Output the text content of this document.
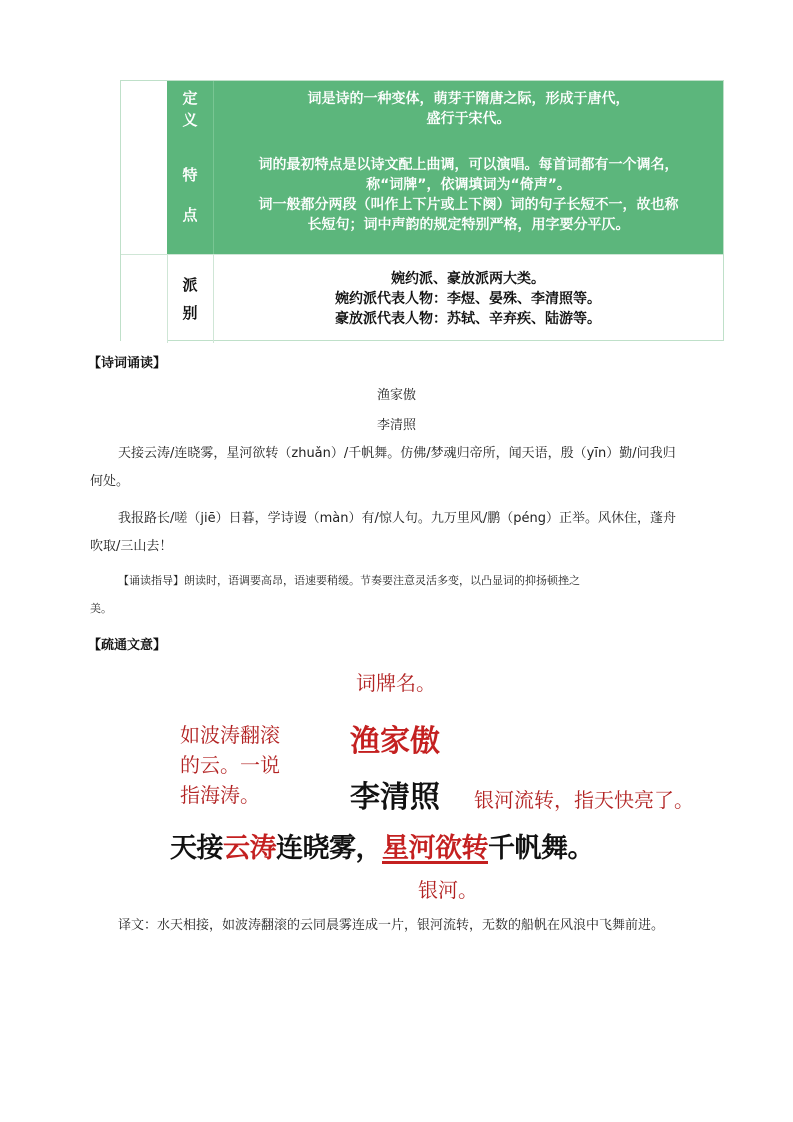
定
义
词是诗的一种变体，萌芽于隋唐之际，形成于唐代，
盛行于宋代。
特
点
词的最初特点是以诗文配上曲调，可以演唱。每首词都有一个调名，
称“词牌”，依调填词为“倚声”。
词一般都分两段（叫作上下片或上下阕）词的句子长短不一，故也称
长短句；词中声韵的规定特别严格，用字要分平仄。
派
别
婉约派、豪放派两大类。
婉约派代表人物：李煜、晏殊、李清照等。
豪放派代表人物：苏轼、辛弃疾、陆游等。
【诗词诵读】
渔家傲
李清照
天接云涛/连晓雾，星河欲转（zhuǎn）/千帆舞。仿佛/梦魂归帝所，闻天语，殷（yīn）勤/问我归
何处。
我报路长/嗟（jiē）日暮，学诗谩（màn）有/惊人句。九万里风/鹏（péng）正举。风休住，蓬舟
吹取/三山去！
【诵读指导】朗读时，语调要高昂，语速要稍缓。节奏要注意灵活多变，以凸显词的抑扬顿挫之
美。
【疏通文意】
词牌名。
如波涛翻滚
的云。一说
指海涛。
渔家傲
李清照 银河流转，指天快亮了。
天接云涛连晓雾，星河欲转千帆舞。
银河。
译文：水天相接，如波涛翻滚的云同晨雾连成一片，银河流转，无数的船帆在风浪中飞舞前进。
